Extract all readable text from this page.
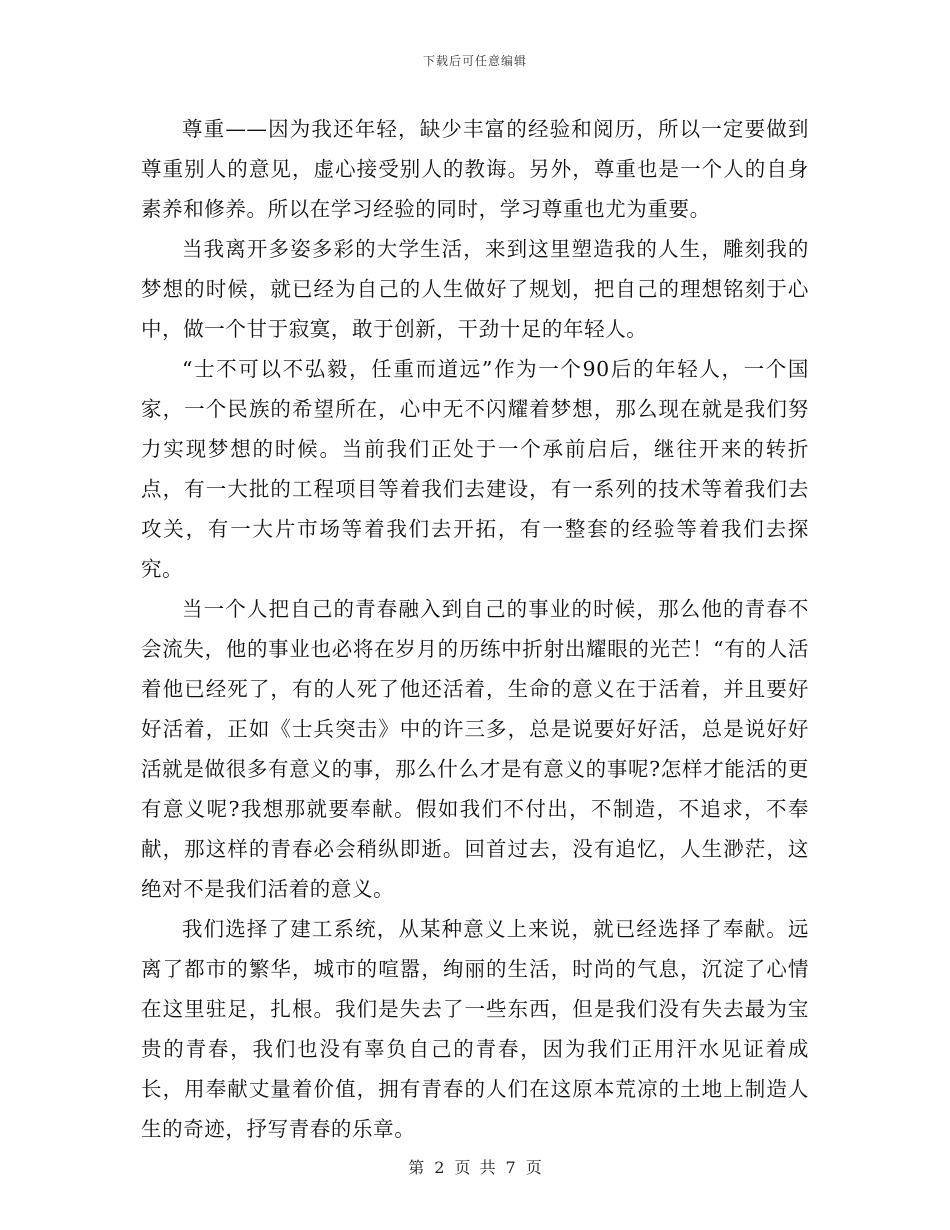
下载后可任意编辑

尊重——因为我还年轻，缺少丰富的经验和阅历，所以一定要做到尊重别人的意见，虚心接受别人的教诲。另外，尊重也是一个人的自身素养和修养。所以在学习经验的同时，学习尊重也尤为重要。

当我离开多姿多彩的大学生活，来到这里塑造我的人生，雕刻我的梦想的时候，就已经为自己的人生做好了规划，把自己的理想铭刻于心中，做一个甘于寂寞，敢于创新，干劲十足的年轻人。

“士不可以不弘毅，任重而道远”作为一个90后的年轻人，一个国家，一个民族的希望所在，心中无不闪耀着梦想，那么现在就是我们努力实现梦想的时候。当前我们正处于一个承前启后，继往开来的转折点，有一大批的工程项目等着我们去建设，有一系列的技术等着我们去攻关，有一大片市场等着我们去开拓，有一整套的经验等着我们去探究。

当一个人把自己的青春融入到自己的事业的时候，那么他的青春不会流失，他的事业也必将在岁月的历练中折射出耀眼的光芒！“有的人活着他已经死了，有的人死了他还活着，生命的意义在于活着，并且要好好活着，正如《士兵突击》中的许三多，总是说要好好活，总是说好好活就是做很多有意义的事，那么什么才是有意义的事呢?怎样才能活的更有意义呢?我想那就要奉献。假如我们不付出，不制造，不追求，不奉献，那这样的青春必会稍纵即逝。回首过去，没有追忆，人生渺茫，这绝对不是我们活着的意义。

我们选择了建工系统，从某种意义上来说，就已经选择了奉献。远离了都市的繁华，城市的喧嚣，绚丽的生活，时尚的气息，沉淀了心情在这里驻足，扎根。我们是失去了一些东西，但是我们没有失去最为宝贵的青春，我们也没有辜负自己的青春，因为我们正用汗水见证着成长，用奉献丈量着价值，拥有青春的人们在这原本荒凉的土地上制造人生的奇迹，抒写青春的乐章。

第 2 页 共 7 页
